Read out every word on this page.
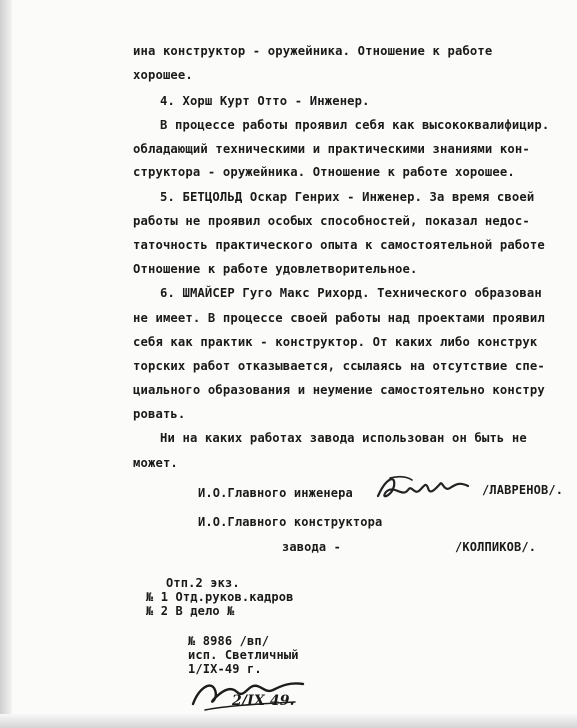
ина конструктор - оружейника. Отношение к работе
хорошее.
4. Хорш Курт Отто - Инженер.
В процессе работы проявил себя как высококвалифицир.
обладающий техническими и практическими знаниями кон-
структора - оружейника. Отношение к работе хорошее.
5. БЕТЦОЛЬД Оскар Генрих - Инженер. За время своей
работы не проявил особых способностей, показал недос-
таточность практического опыта к самостоятельной работе
Отношение к работе удовлетворительное.
6. ШМАЙСЕР Гуго Макс Рихорд. Технического образован
не имеет. В процессе своей работы над проектами проявил
себя как практик - конструктор. От каких либо конструк
торских работ отказывается, ссылаясь на отсутствие спе-
циального образования и неумение самостоятельно констру
ровать.
Ни на каких работах завода использован он быть не
может.
И.О.Главного инженера	/ЛАВРЕНОВ/.
И.О.Главного конструктора
завода -	/КОЛПИКОВ/.
Отп.2 экз.
№ 1 Отд.руков.кадров
№ 2 В дело №
№ 8986 /вп/
исп. Светличный
1/IX-49 г.
2/IX 49.
